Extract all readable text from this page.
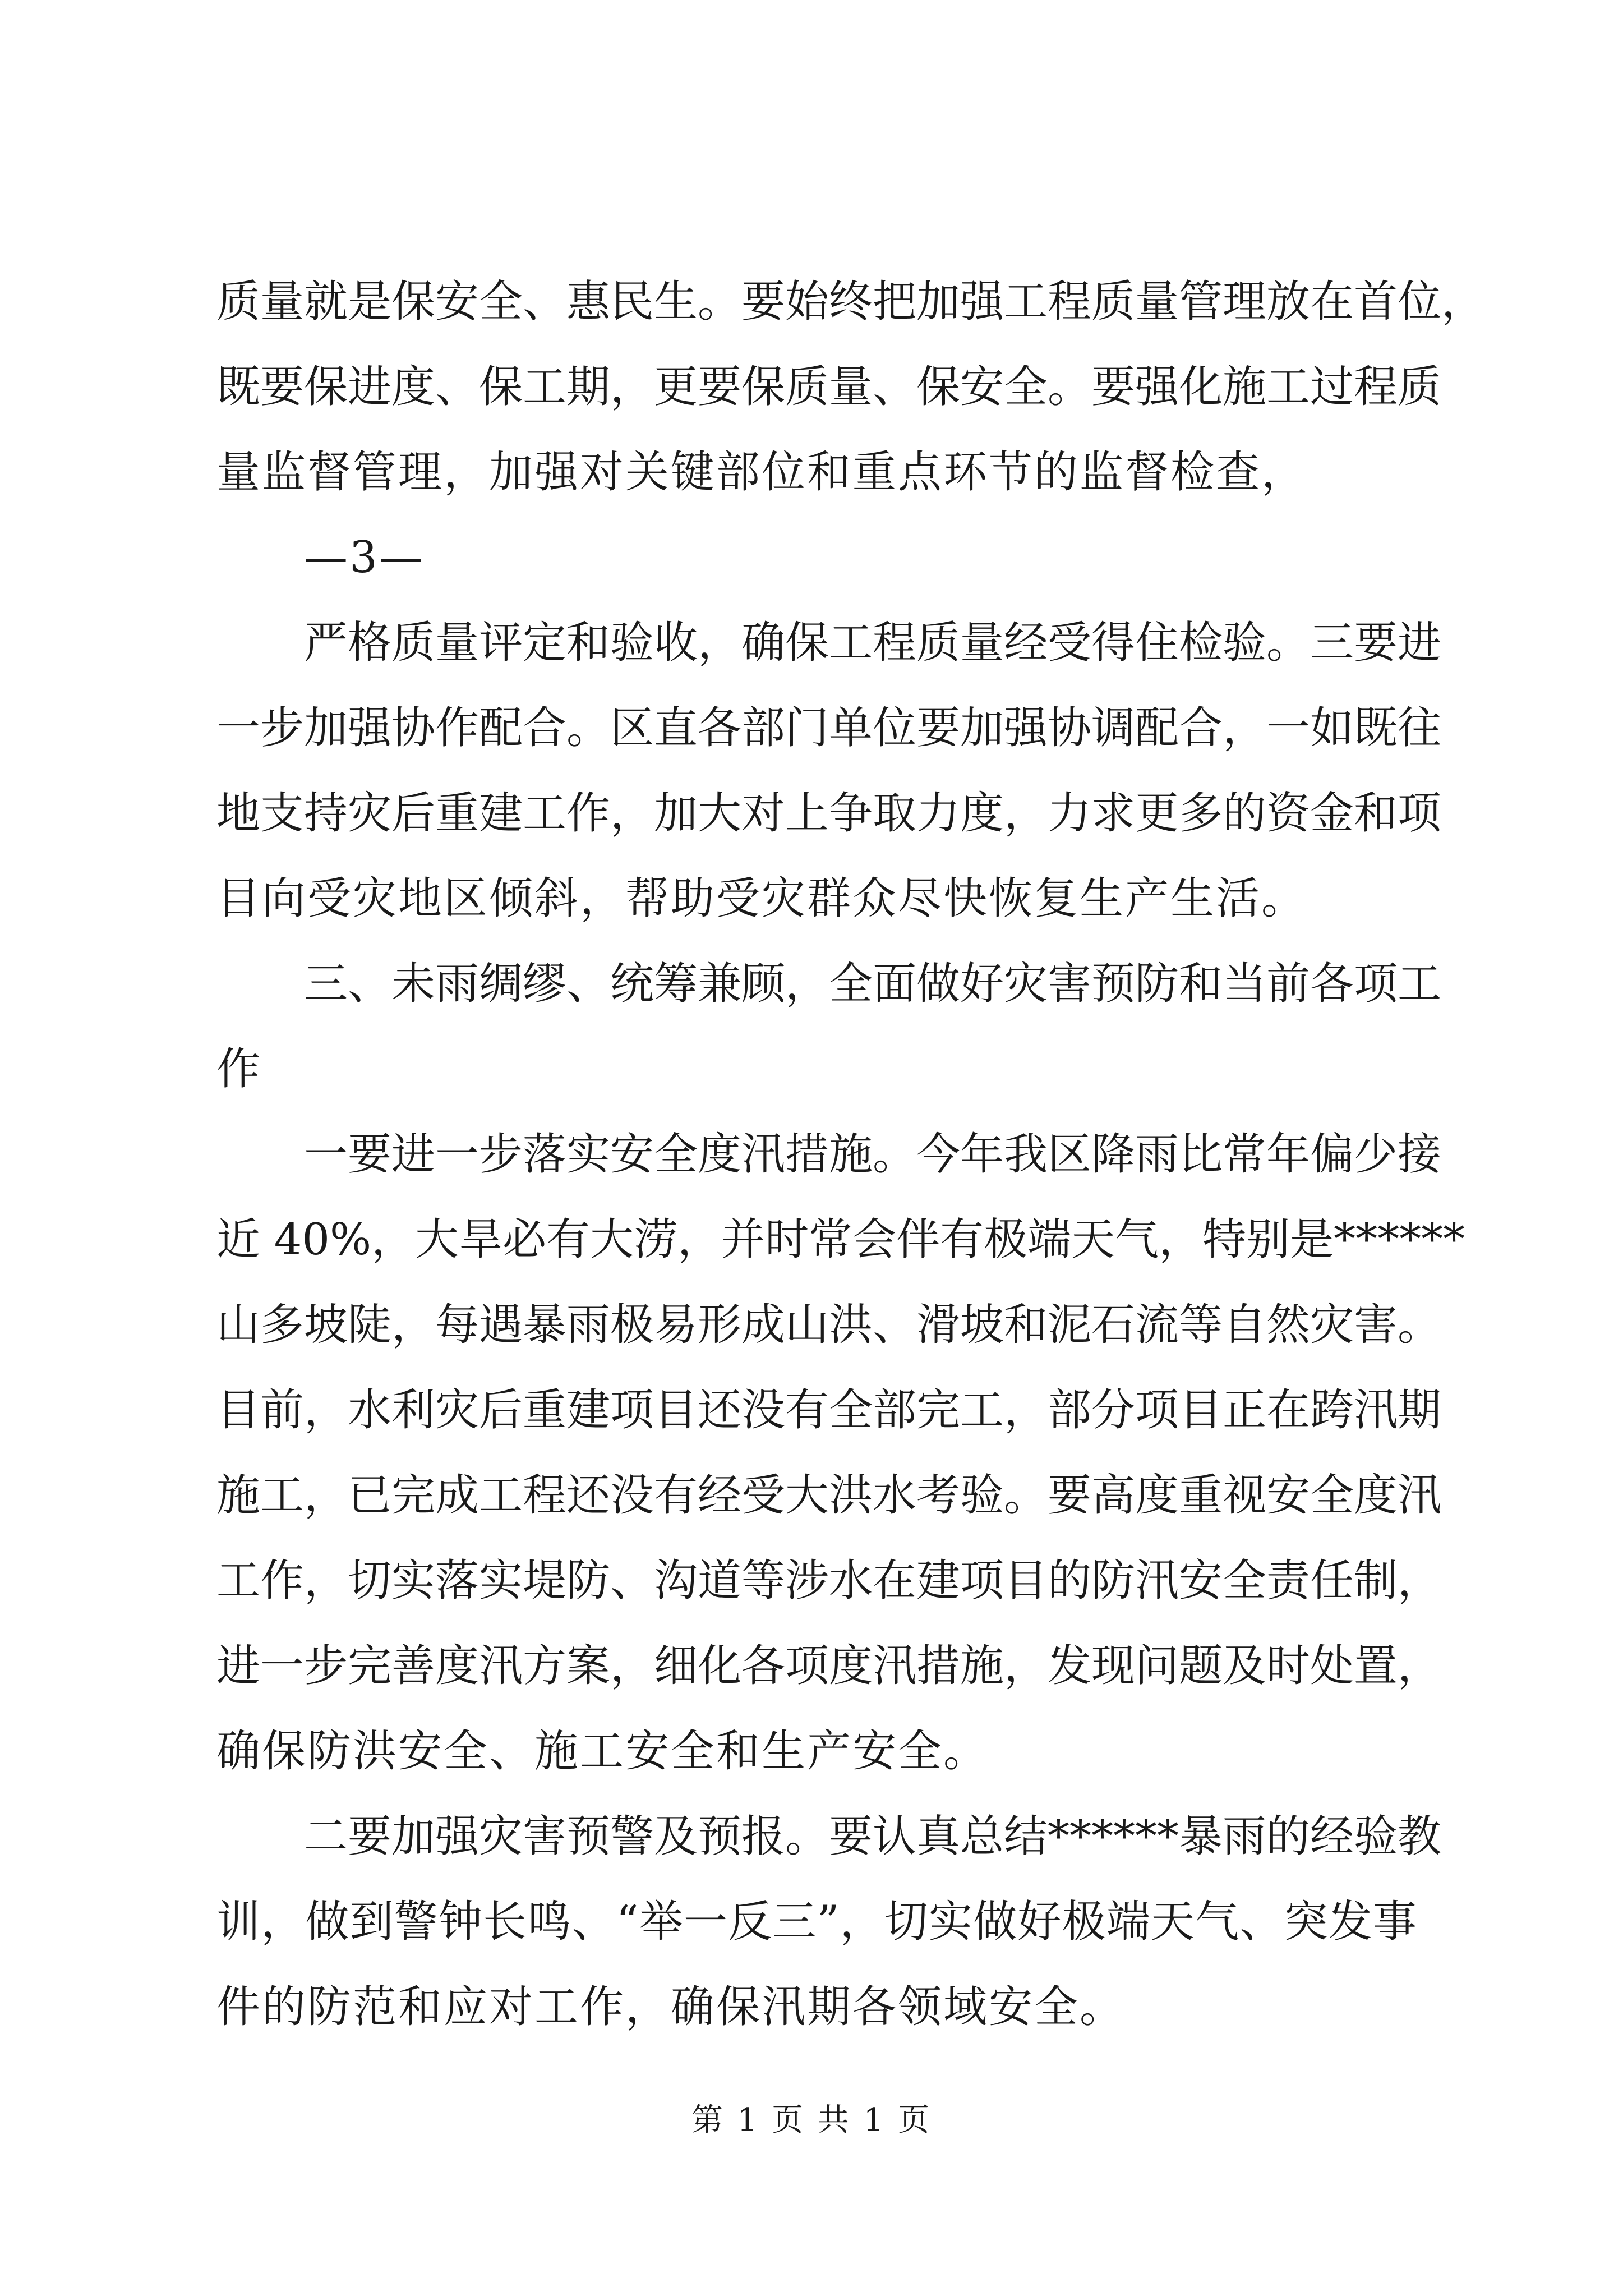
质量就是保安全、惠民生。要始终把加强工程质量管理放在首位，
既要保进度、保工期，更要保质量、保安全。要强化施工过程质
量监督管理，加强对关键部位和重点环节的监督检查，
—3—
严格质量评定和验收，确保工程质量经受得住检验。三要进
一步加强协作配合。区直各部门单位要加强协调配合，一如既往
地支持灾后重建工作，加大对上争取力度，力求更多的资金和项
目向受灾地区倾斜，帮助受灾群众尽快恢复生产生活。
三、未雨绸缪、统筹兼顾，全面做好灾害预防和当前各项工
作
一要进一步落实安全度汛措施。今年我区降雨比常年偏少接
近 40%，大旱必有大涝，并时常会伴有极端天气，特别是******
山多坡陡，每遇暴雨极易形成山洪、滑坡和泥石流等自然灾害。
目前，水利灾后重建项目还没有全部完工，部分项目正在跨汛期
施工，已完成工程还没有经受大洪水考验。要高度重视安全度汛
工作，切实落实堤防、沟道等涉水在建项目的防汛安全责任制，
进一步完善度汛方案，细化各项度汛措施，发现问题及时处置，
确保防洪安全、施工安全和生产安全。
二要加强灾害预警及预报。要认真总结******暴雨的经验教
训，做到警钟长鸣、“举一反三”，切实做好极端天气、突发事
件的防范和应对工作，确保汛期各领域安全。
第 1 页 共 1 页
